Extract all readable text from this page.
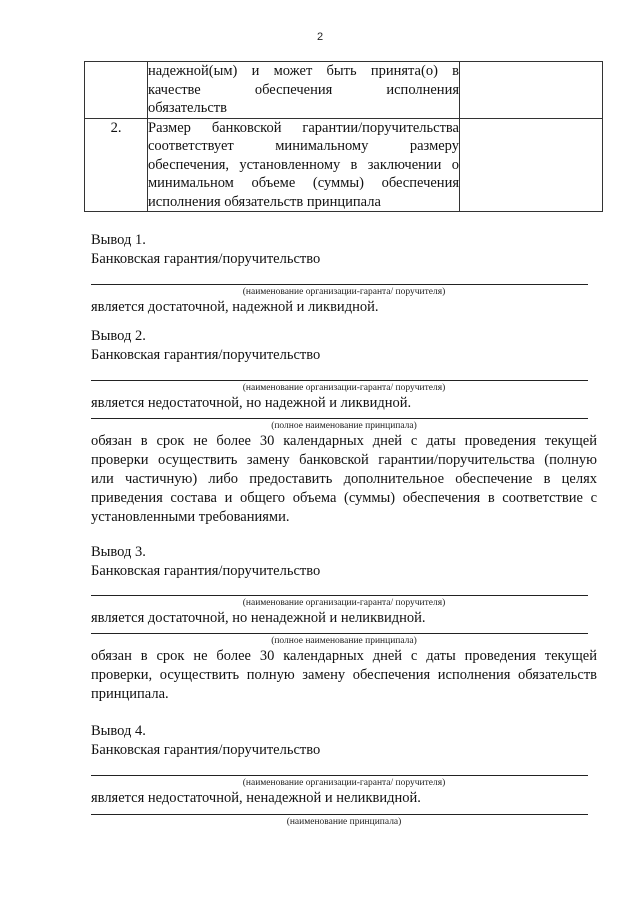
2

	надежной(ым) и может быть принята(о) в
качестве обеспечения исполнения
обязательств	

2.	Размер банковской гарантии/поручительства
соответствует минимальному размеру
обеспечения, установленному в заключении о
минимальном объеме (суммы) обеспечения
исполнения обязательств принципала	

Вывод 1.
Банковская гарантия/поручительство
(наименование организации-гаранта/ поручителя)
является достаточной, надежной и ликвидной.
Вывод 2.
Банковская гарантия/поручительство
(наименование организации-гаранта/ поручителя)
является недостаточной, но надежной и ликвидной.
(полное наименование принципала)
обязан в срок не более 30 календарных дней с даты проведения текущей
проверки осуществить замену банковской гарантии/поручительства (полную
или частичную) либо предоставить дополнительное обеспечение в целях
приведения состава и общего объема (суммы) обеспечения в соответствие с
установленными требованиями.
Вывод 3.
Банковская гарантия/поручительство
(наименование организации-гаранта/ поручителя)
является достаточной, но ненадежной и неликвидной.
(полное наименование принципала)
обязан в срок не более 30 календарных дней с даты проведения текущей
проверки, осуществить полную замену обеспечения исполнения обязательств
принципала.
Вывод 4.
Банковская гарантия/поручительство
(наименование организации-гаранта/ поручителя)
является недостаточной, ненадежной и неликвидной.
(наименование принципала)
